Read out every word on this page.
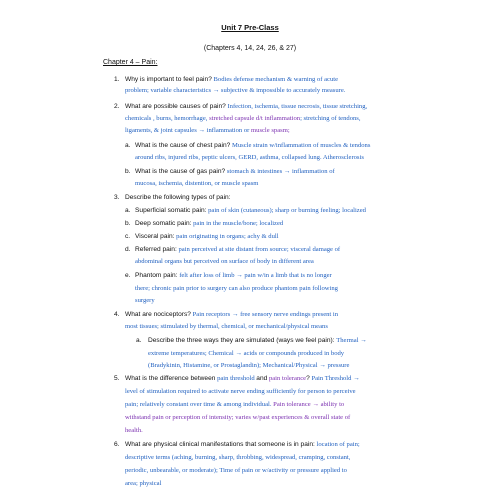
Unit 7 Pre-Class
(Chapters 4, 14, 24, 26, & 27)
Chapter 4 – Pain:
1. Why is important to feel pain? Bodies defense mechanism & warning of acute
problem; variable characteristics → subjective & impossible to accurately measure.
2. What are possible causes of pain? Infection, ischemia, tissue necrosis, tissue stretching,
chemicals , burns, hemorrhage, stretched capsule d/t inflammation; stretching of tendons,
ligaments, & joint capsules → inflammation or muscle spasm;
a. What is the cause of chest pain? Muscle strain w/inflammation of muscles & tendons
around ribs, injured ribs, peptic ulcers, GERD, asthma, collapsed lung. Atherosclerosis
b. What is the cause of gas pain? stomach & intestines → inflammation of
mucosa, ischemia, distention, or muscle spasm
3. Describe the following types of pain:
a. Superficial somatic pain: pain of skin (cutaneous); sharp or burning feeling; localized
b. Deep somatic pain: pain in the muscle/bone; localized
c. Visceral pain: pain originating in organs; achy & dull
d. Referred pain: pain perceived at site distant from source; visceral damage of
abdominal organs but perceived on surface of body in different area
e. Phantom pain: felt after loss of limb → pain w/in a limb that is no longer
there; chronic pain prior to surgery can also produce phantom pain following
surgery
4. What are nociceptors? Pain receptors → free sensory nerve endings present in
most tissues; stimulated by thermal, chemical, or mechanical/physical means
a. Describe the three ways they are simulated (ways we feel pain): Thermal →
extreme temperatures; Chemical → acids or compounds produced in body
(Bradykinin, Histamine, or Prostaglandin); Mechanical/Physical → pressure
5. What is the difference between pain threshold and pain tolerance? Pain Threshold →
level of stimulation required to activate nerve ending sufficiently for person to perceive
pain; relatively constant over time & among individual. Pain tolerance → ability to
withstand pain or perception of intensity; varies w/past experiences & overall state of
health.
6. What are physical clinical manifestations that someone is in pain: location of pain;
descriptive terms (aching, burning, sharp, throbbing, widespread, cramping, constant,
periodic, unbearable, or moderate); Time of pain or w/activity or pressure applied to
area; physical
